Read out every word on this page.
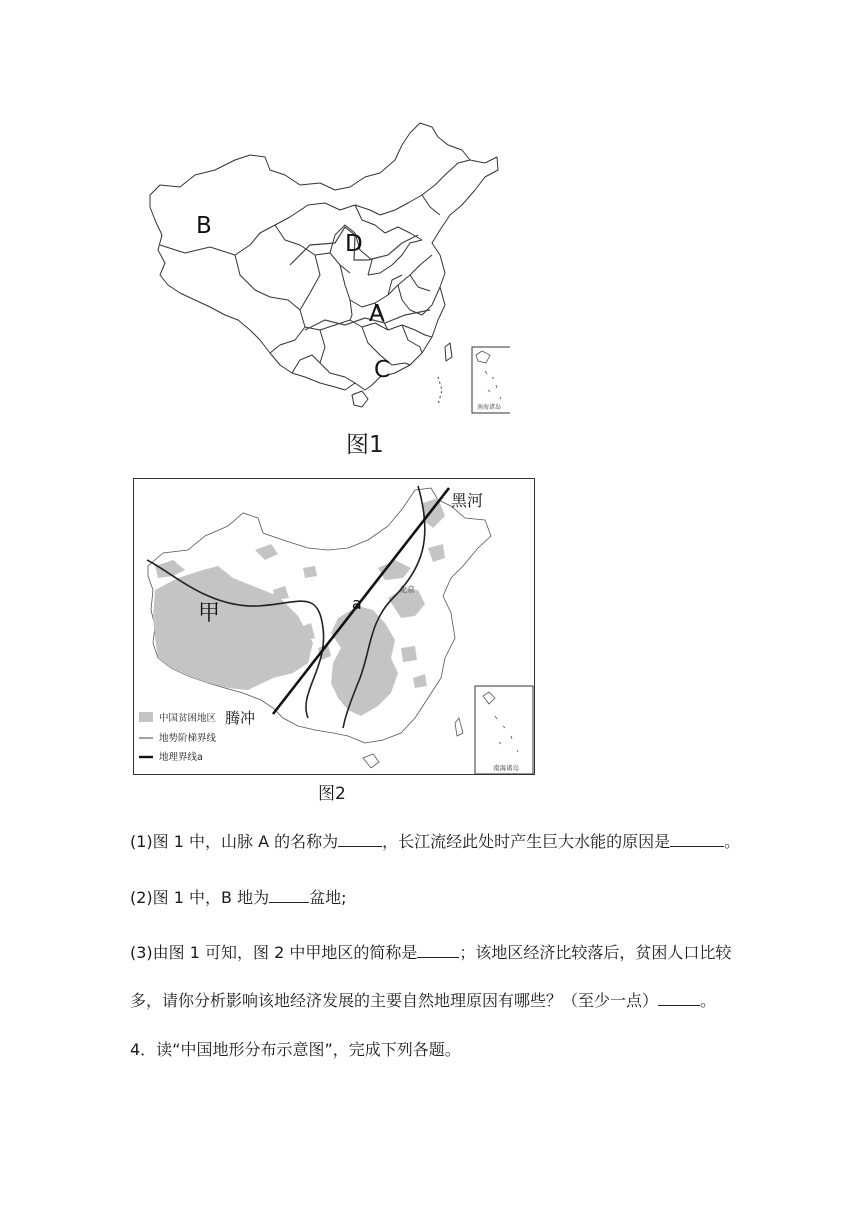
B
D
A
C
南海诸岛
图1
甲	a
黑河
腾冲
北京
中国贫困地区
地势阶梯界线
地理界线a
南海诸岛
图2
(1)图 1 中，山脉 A 的名称为	，长江流经此处时产生巨大水能的原因是	。
(2)图 1 中，B 地为	盆地;
(3)由图 1 可知，图 2 中甲地区的简称是	；该地区经济比较落后，贫困人口比较
多，请你分析影响该地经济发展的主要自然地理原因有哪些？（至少一点）	。
4．读“中国地形分布示意图”，完成下列各题。
